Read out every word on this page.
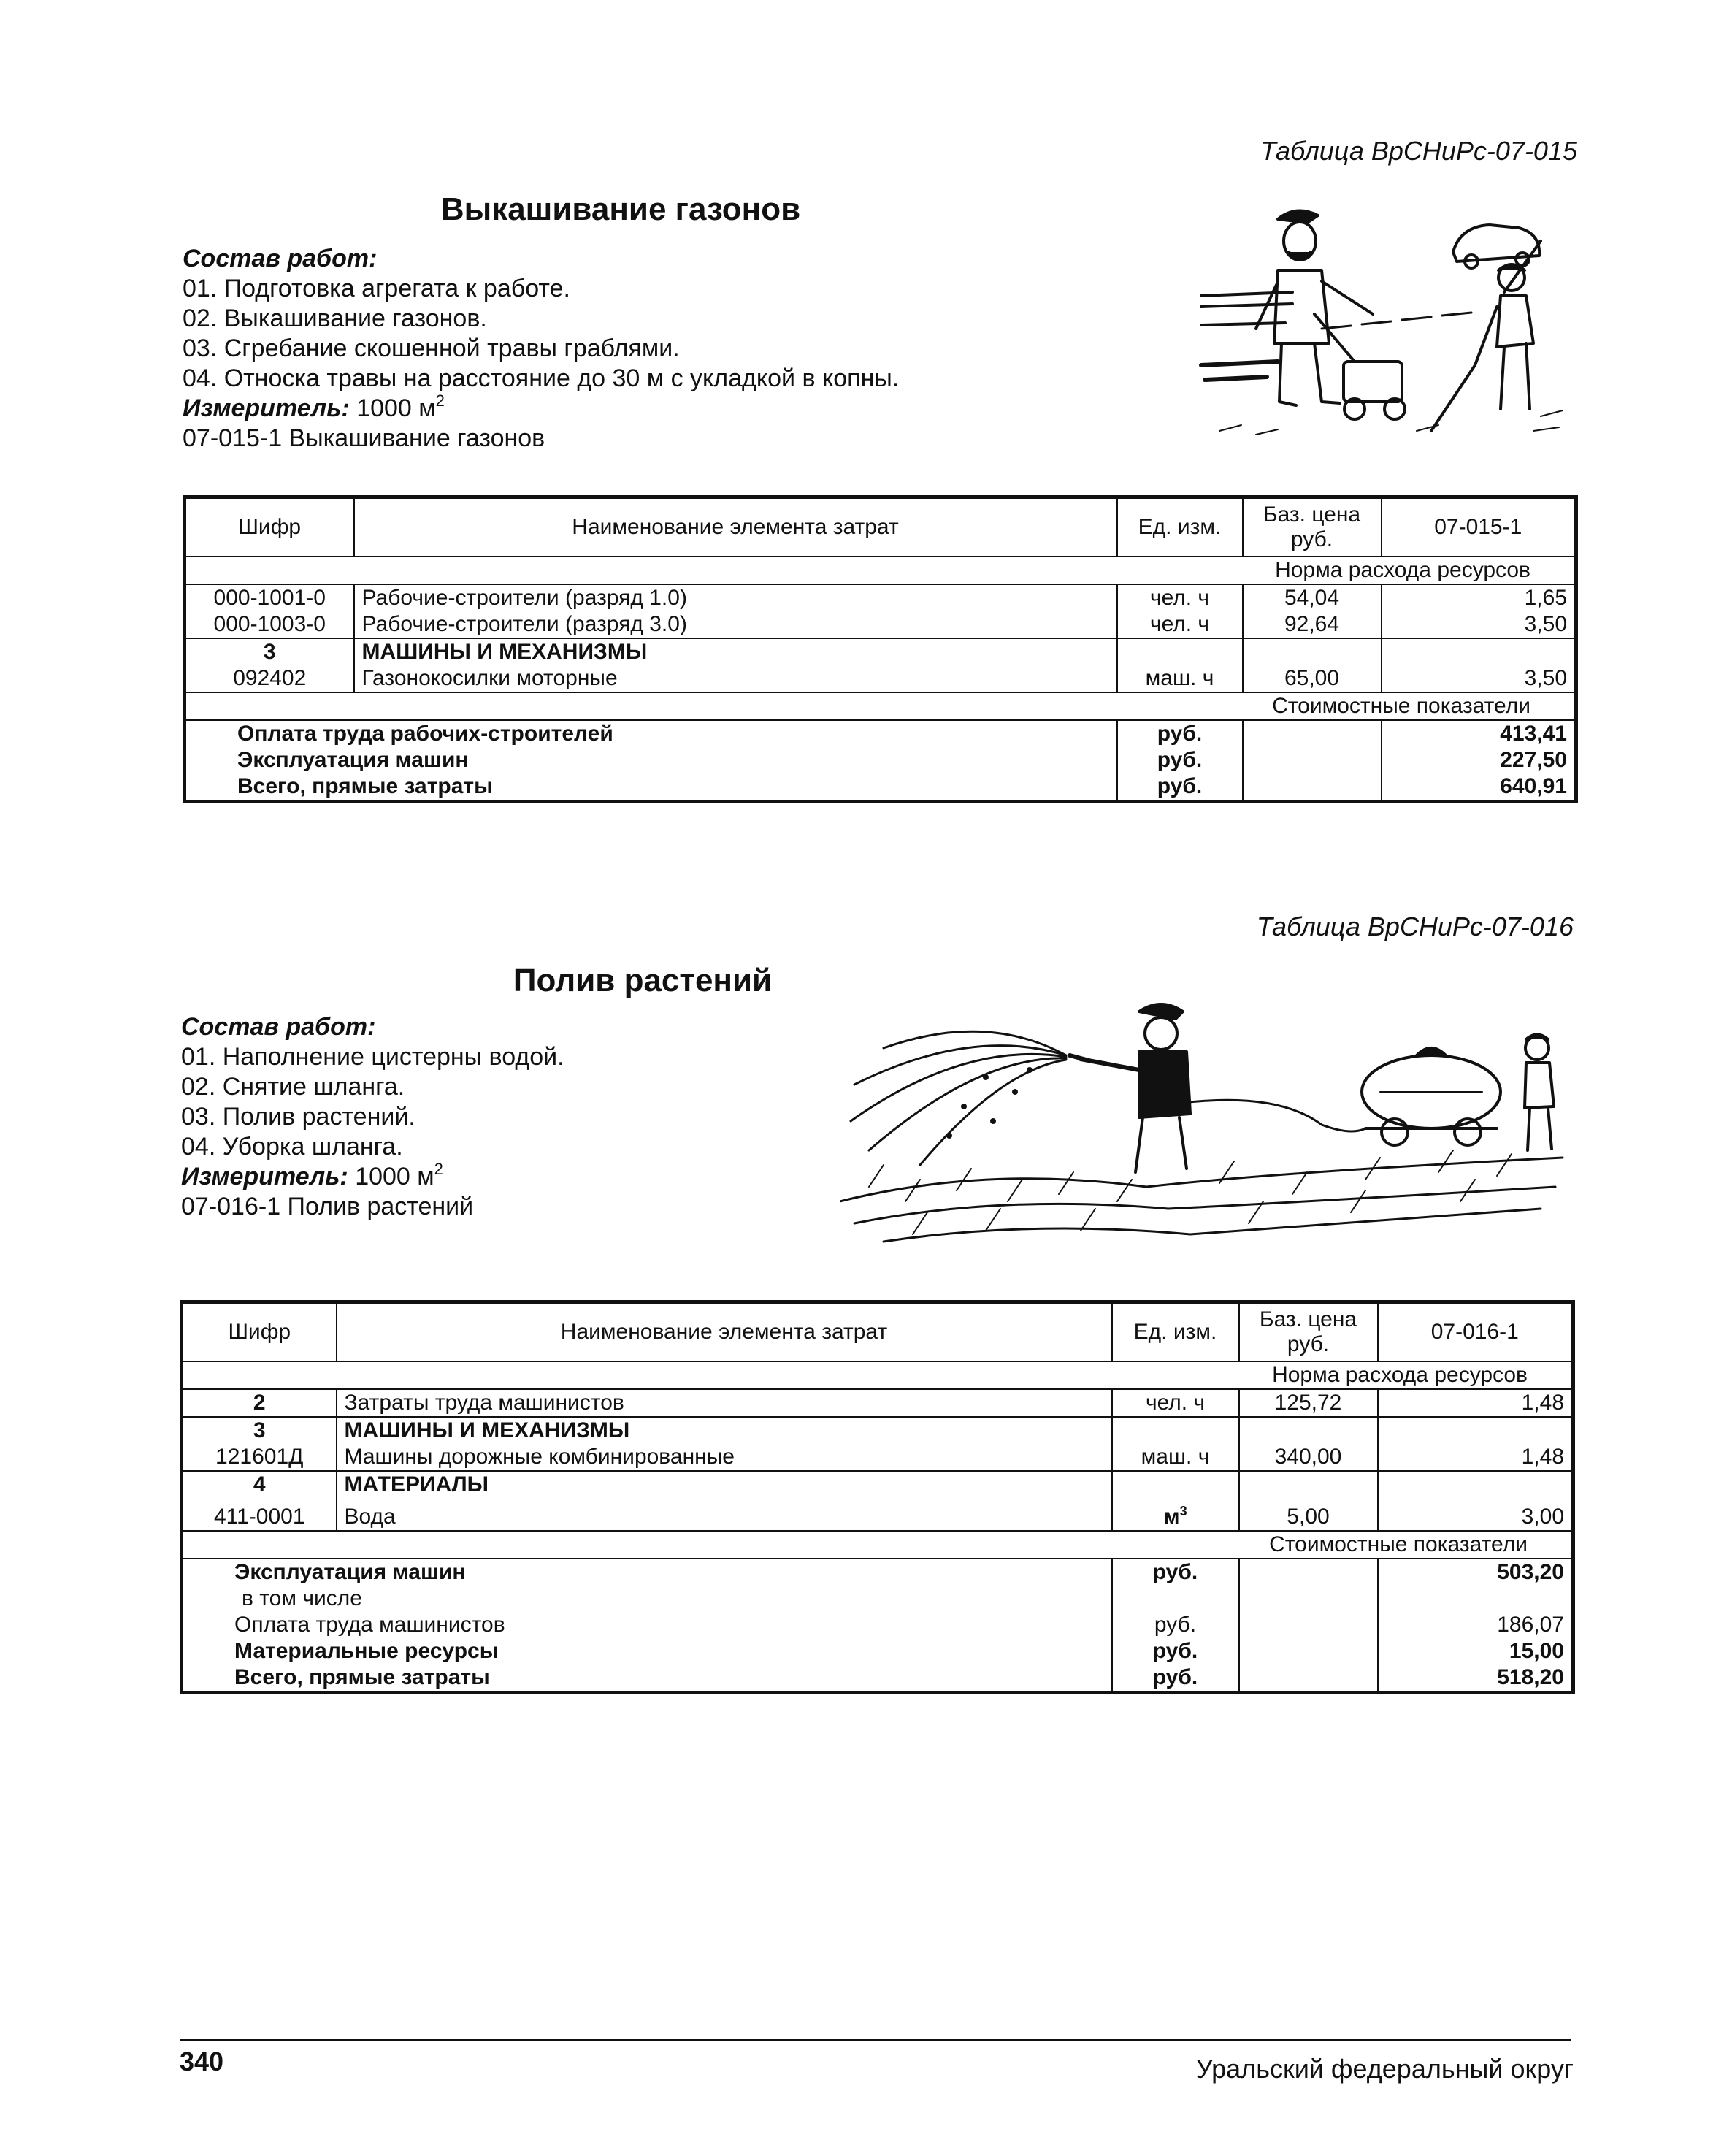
Таблица ВрСНиРс-07-015
Выкашивание газонов
Состав работ:
01. Подготовка агрегата к работе.
02. Выкашивание газонов.
03. Сгребание скошенной травы граблями.
04. Относка травы на расстояние до 30 м с укладкой в копны.
Измеритель: 1000 $м^2$
07-015-1 Выкашивание газонов
Шифр	Наименование элемента затрат	Ед. изм.	Баз. цена руб.	07-015-1
Норма расхода ресурсов				
000-1001-0	Рабочие-строители (разряд 1.0)	чел. ч	54,04	1,65
000-1003-0	Рабочие-строители (разряд 3.0)	чел. ч	92,64	3,50
3	МАШИНЫ И МЕХАНИЗМЫ			
092402	Газонокосилки моторные	маш. ч	65,00	3,50
Стоимостные показатели				
Оплата труда рабочих-строителей		руб.		413,41
Эксплуатация машин		руб.		227,50
Всего, прямые затраты		руб.		640,91
Таблица ВрСНиРс-07-016
Полив растений
Состав работ:
01. Наполнение цистерны водой.
02. Снятие шланга.
03. Полив растений.
04. Уборка шланга.
Измеритель: 1000 $м^2$
07-016-1 Полив растений
Шифр	Наименование элемента затрат	Ед. изм.	Баз. цена руб.	07-016-1
Норма расхода ресурсов				
2	Затраты труда машинистов	чел. ч	125,72	1,48
3	МАШИНЫ И МЕХАНИЗМЫ			
121601Д	Машины дорожные комбинированные	маш. ч	340,00	1,48
4	МАТЕРИАЛЫ			
411-0001	Вода	$м^3$	5,00	3,00
Стоимостные показатели				
Эксплуатация машин		руб.		503,20
в том числе				
Оплата труда машинистов		руб.		186,07
Материальные ресурсы		руб.		15,00
Всего, прямые затраты		руб.		518,20
340	Уральский федеральный округ
